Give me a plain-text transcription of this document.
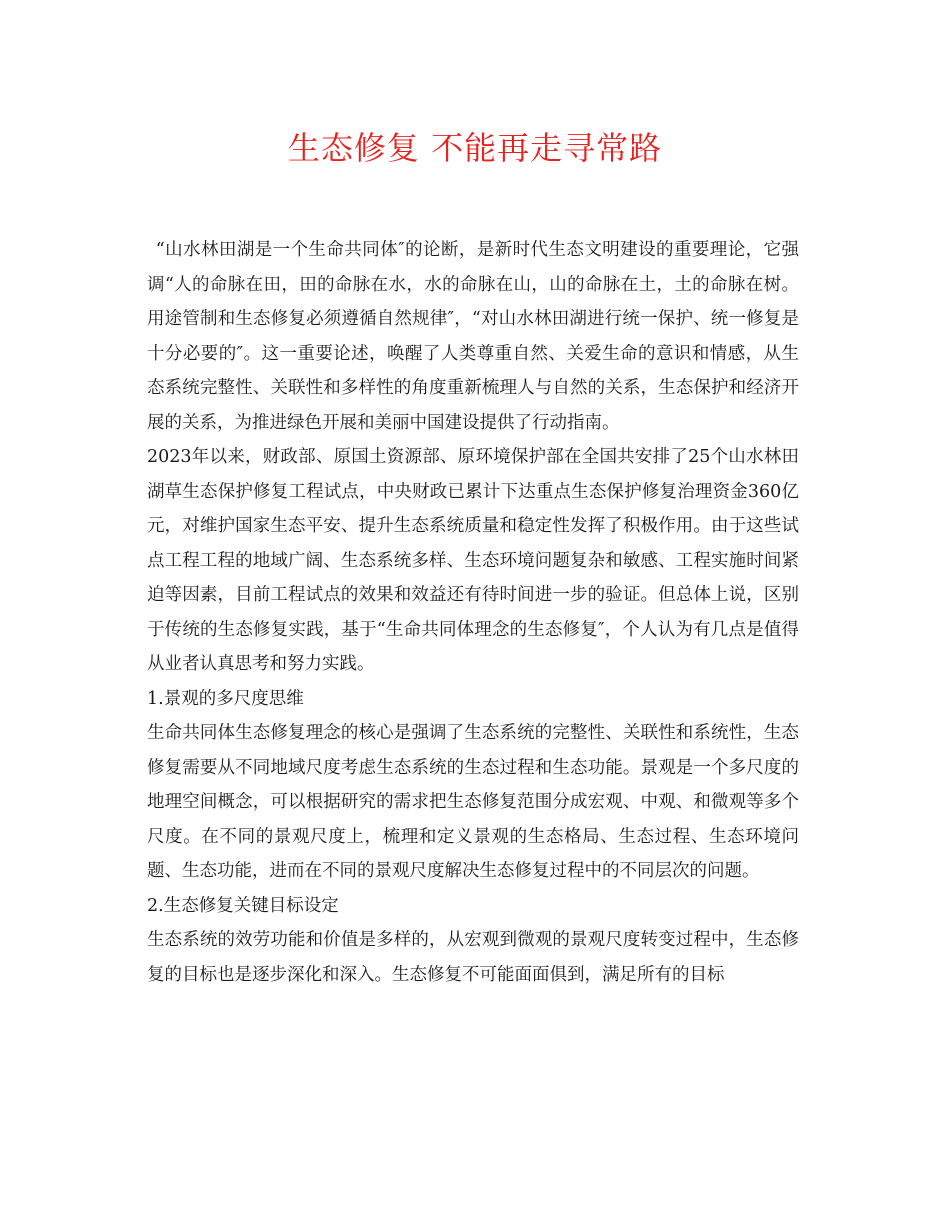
生态修复 不能再走寻常路

“山水林田湖是一个生命共同体″的论断，是新时代生态文明建设的重要理论，它强调“人的命脉在田，田的命脉在水，水的命脉在山，山的命脉在土，土的命脉在树。用途管制和生态修复必须遵循自然规律″，“对山水林田湖进行统一保护、统一修复是十分必要的″。这一重要论述，唤醒了人类尊重自然、关爱生命的意识和情感，从生态系统完整性、关联性和多样性的角度重新梳理人与自然的关系，生态保护和经济开展的关系，为推进绿色开展和美丽中国建设提供了行动指南。

2023年以来，财政部、原国土资源部、原环境保护部在全国共安排了25个山水林田湖草生态保护修复工程试点，中央财政已累计下达重点生态保护修复治理资金360亿元，对维护国家生态平安、提升生态系统质量和稳定性发挥了积极作用。由于这些试点工程工程的地域广阔、生态系统多样、生态环境问题复杂和敏感、工程实施时间紧迫等因素，目前工程试点的效果和效益还有待时间进一步的验证。但总体上说，区别于传统的生态修复实践，基于“生命共同体理念的生态修复″，个人认为有几点是值得从业者认真思考和努力实践。

1.景观的多尺度思维

生命共同体生态修复理念的核心是强调了生态系统的完整性、关联性和系统性，生态修复需要从不同地域尺度考虑生态系统的生态过程和生态功能。景观是一个多尺度的地理空间概念，可以根据研究的需求把生态修复范围分成宏观、中观、和微观等多个尺度。在不同的景观尺度上，梳理和定义景观的生态格局、生态过程、生态环境问题、生态功能，进而在不同的景观尺度解决生态修复过程中的不同层次的问题。

2.生态修复关键目标设定

生态系统的效劳功能和价值是多样的，从宏观到微观的景观尺度转变过程中，生态修复的目标也是逐步深化和深入。生态修复不可能面面俱到，满足所有的目标
